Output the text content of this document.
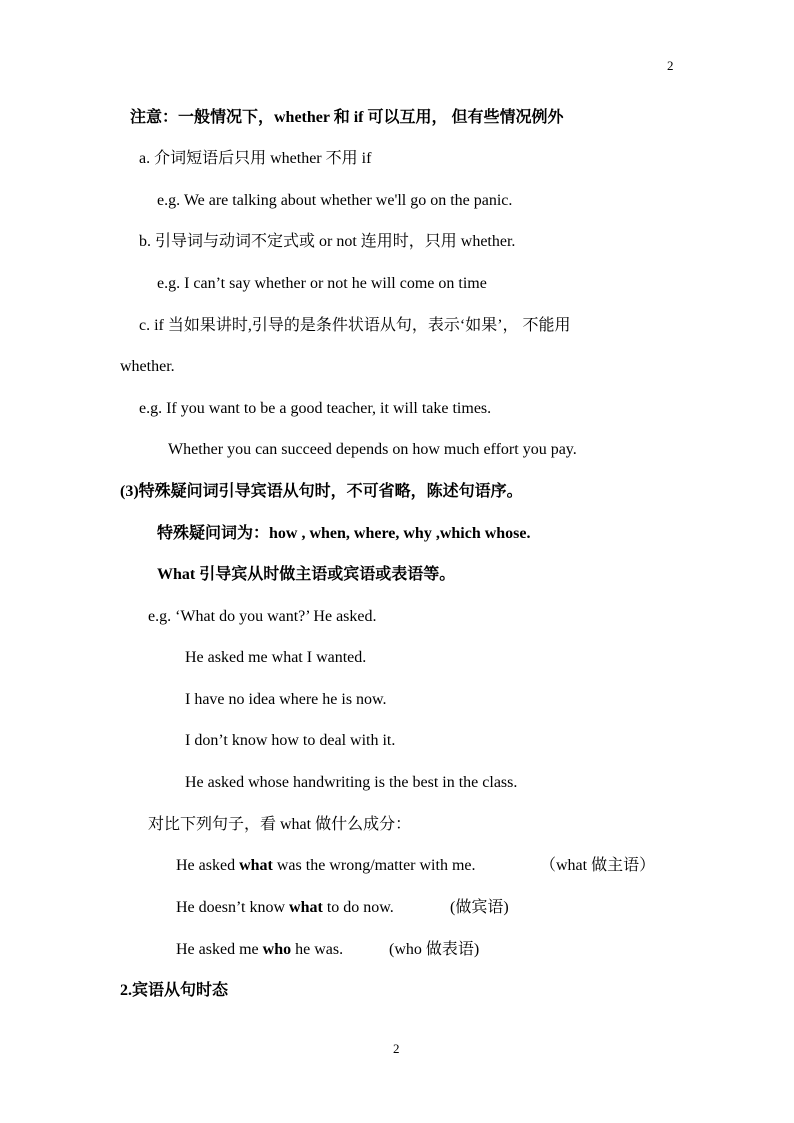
2
注意：一般情况下，whether 和 if 可以互用， 但有些情况例外
a. 介词短语后只用 whether 不用 if
e.g. We are talking about whether we'll go on the panic.
b. 引导词与动词不定式或 or not 连用时，只用 whether.
e.g. I can’t say whether or not he will come on time
c. if 当如果讲时,引导的是条件状语从句，表示‘如果’， 不能用
whether.
e.g. If you want to be a good teacher, it will take times.
Whether you can succeed depends on how much effort you pay.
(3)特殊疑问词引导宾语从句时，不可省略，陈述句语序。
特殊疑问词为：how , when, where, why ,which whose.
What 引导宾从时做主语或宾语或表语等。
e.g. ‘What do you want?’ He asked.
He asked me what I wanted.
I have no idea where he is now.
I don’t know how to deal with it.
He asked whose handwriting is the best in the class.
对比下列句子，看 what 做什么成分：
He asked what was the wrong/matter with me.	（what 做主语）
He doesn’t know what to do now.	(做宾语)
He asked me who he was.	(who 做表语)
2.宾语从句时态
2
